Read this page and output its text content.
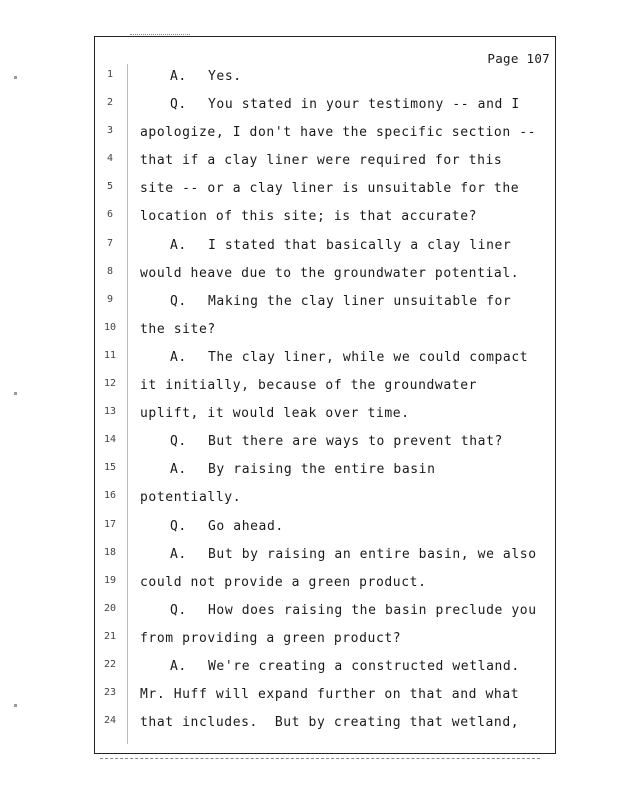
Page 107
1	A. Yes.
2	Q. You stated in your testimony -- and I
3	apologize, I don't have the specific section --
4	that if a clay liner were required for this
5	site -- or a clay liner is unsuitable for the
6	location of this site; is that accurate?
7	A. I stated that basically a clay liner
8	would heave due to the groundwater potential.
9	Q. Making the clay liner unsuitable for
10	the site?
11	A. The clay liner, while we could compact
12	it initially, because of the groundwater
13	uplift, it would leak over time.
14	Q. But there are ways to prevent that?
15	A. By raising the entire basin
16	potentially.
17	Q. Go ahead.
18	A. But by raising an entire basin, we also
19	could not provide a green product.
20	Q. How does raising the basin preclude you
21	from providing a green product?
22	A. We're creating a constructed wetland.
23	Mr. Huff will expand further on that and what
24	that includes.  But by creating that wetland,
